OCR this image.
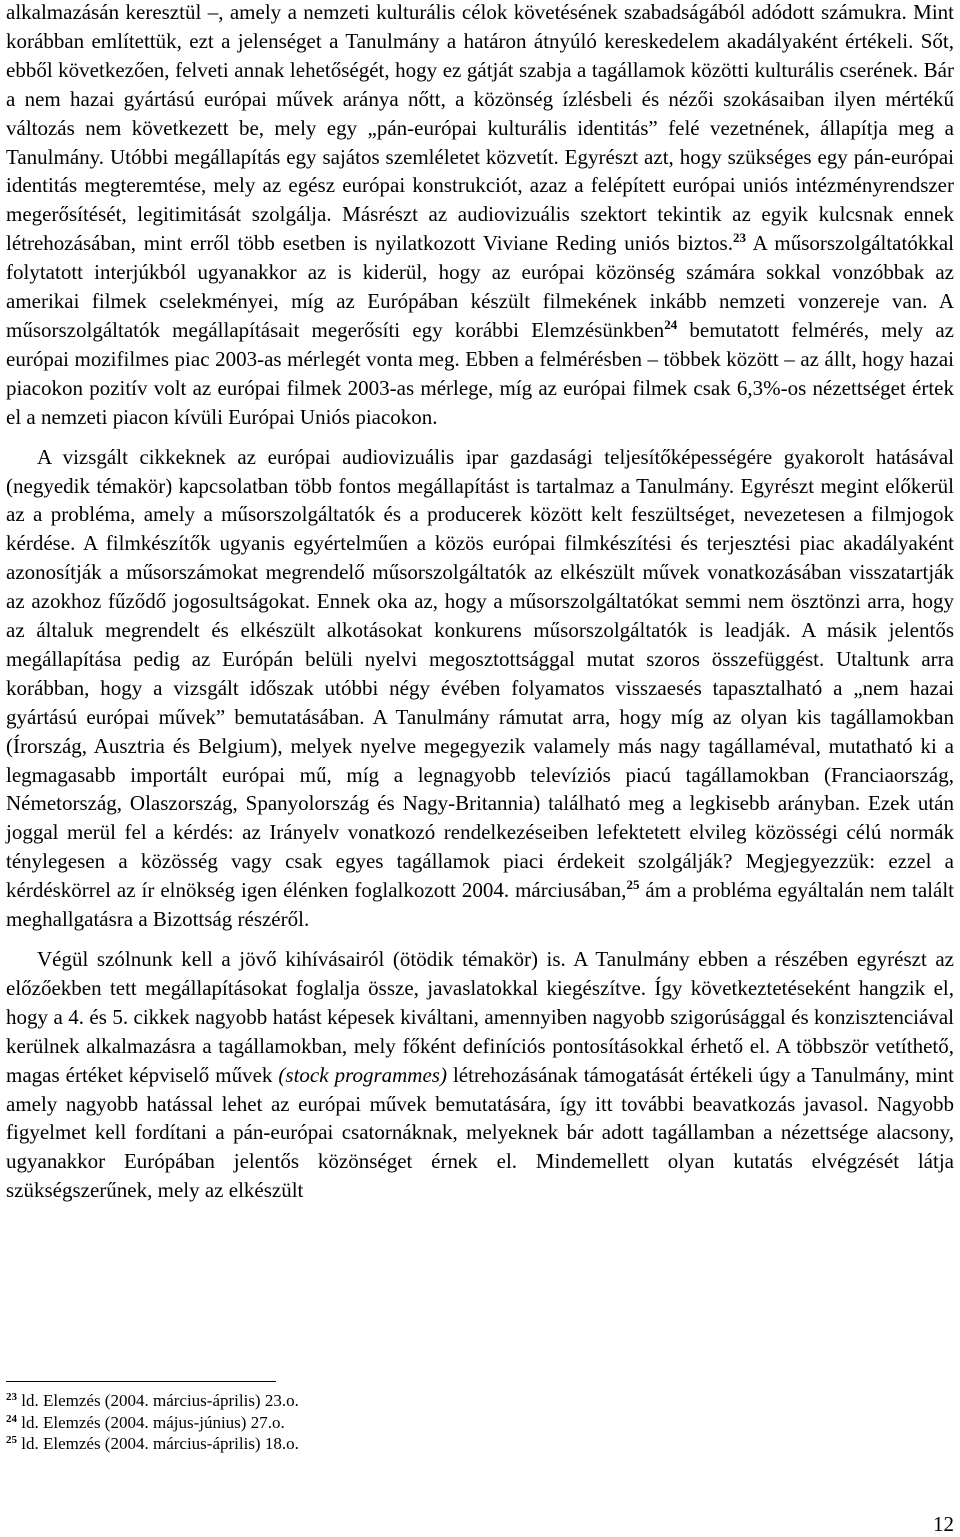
alkalmazásán keresztül –, amely a nemzeti kulturális célok követésének szabadságából adódott számukra. Mint korábban említettük, ezt a jelenséget a Tanulmány a határon átnyúló kereskedelem akadályaként értékeli. Sőt, ebből következően, felveti annak lehetőségét, hogy ez gátját szabja a tagállamok közötti kulturális cserének. Bár a nem hazai gyártású európai művek aránya nőtt, a közönség ízlésbeli és nézői szokásaiban ilyen mértékű változás nem következett be, mely egy „pán-európai kulturális identitás” felé vezetnének, állapítja meg a Tanulmány. Utóbbi megállapítás egy sajátos szemléletet közvetít. Egyrészt azt, hogy szükséges egy pán-európai identitás megteremtése, mely az egész európai konstrukciót, azaz a felépített európai uniós intézményrendszer megerősítését, legitimitását szolgálja. Másrészt az audiovizuális szektort tekintik az egyik kulcsnak ennek létrehozásában, mint erről több esetben is nyilatkozott Viviane Reding uniós biztos.$^{23}$ A műsorszolgáltatókkal folytatott interjúkból ugyanakkor az is kiderül, hogy az európai közönség számára sokkal vonzóbbak az amerikai filmek cselekményei, míg az Európában készült filmekének inkább nemzeti vonzereje van. A műsorszolgáltatók megállapításait megerősíti egy korábbi Elemzésünkben$^{24}$ bemutatott felmérés, mely az európai mozifilmes piac 2003-as mérlegét vonta meg. Ebben a felmérésben – többek között – az állt, hogy hazai piacokon pozitív volt az európai filmek 2003-as mérlege, míg az európai filmek csak 6,3%-os nézettséget értek el a nemzeti piacon kívüli Európai Uniós piacokon.

A vizsgált cikkeknek az európai audiovizuális ipar gazdasági teljesítőképességére gyakorolt hatásával (negyedik témakör) kapcsolatban több fontos megállapítást is tartalmaz a Tanulmány. Egyrészt megint előkerül az a probléma, amely a műsorszolgáltatók és a producerek között kelt feszültséget, nevezetesen a filmjogok kérdése. A filmkészítők ugyanis egyértelműen a közös európai filmkészítési és terjesztési piac akadályaként azonosítják a műsorszámokat megrendelő műsorszolgáltatók az elkészült művek vonatkozásában visszatartják az azokhoz fűződő jogosultságokat. Ennek oka az, hogy a műsorszolgáltatókat semmi nem ösztönzi arra, hogy az általuk megrendelt és elkészült alkotásokat konkurens műsorszolgáltatók is leadják. A másik jelentős megállapítása pedig az Európán belüli nyelvi megosztottsággal mutat szoros összefüggést. Utaltunk arra korábban, hogy a vizsgált időszak utóbbi négy évében folyamatos visszaesés tapasztalható a „nem hazai gyártású európai művek” bemutatásában. A Tanulmány rámutat arra, hogy míg az olyan kis tagállamokban (Írország, Ausztria és Belgium), melyek nyelve megegyezik valamely más nagy tagállaméval, mutatható ki a legmagasabb importált európai mű, míg a legnagyobb televíziós piacú tagállamokban (Franciaország, Németország, Olaszország, Spanyolország és Nagy-Britannia) található meg a legkisebb arányban. Ezek után joggal merül fel a kérdés: az Irányelv vonatkozó rendelkezéseiben lefektetett elvileg közösségi célú normák ténylegesen a közösség vagy csak egyes tagállamok piaci érdekeit szolgálják? Megjegyezzük: ezzel a kérdéskörrel az ír elnökség igen élénken foglalkozott 2004. márciusában,$^{25}$ ám a probléma egyáltalán nem talált meghallgatásra a Bizottság részéről.

Végül szólnunk kell a jövő kihívásairól (ötödik témakör) is. A Tanulmány ebben a részében egyrészt az előzőekben tett megállapításokat foglalja össze, javaslatokkal kiegészítve. Így következtetéseként hangzik el, hogy a 4. és 5. cikkek nagyobb hatást képesek kiváltani, amennyiben nagyobb szigorúsággal és konzisztenciával kerülnek alkalmazásra a tagállamokban, mely főként definíciós pontosításokkal érhető el. A többször vetíthető, magas értéket képviselő művek (stock programmes) létrehozásának támogatását értékeli úgy a Tanulmány, mint amely nagyobb hatással lehet az európai művek bemutatására, így itt további beavatkozás javasol. Nagyobb figyelmet kell fordítani a pán-európai csatornáknak, melyeknek bár adott tagállamban a nézettsége alacsony, ugyanakkor Európában jelentős közönséget érnek el. Mindemellett olyan kutatás elvégzését látja szükségszerűnek, mely az elkészült

$^{23}$ ld. Elemzés (2004. március-április) 23.o.
$^{24}$ ld. Elemzés (2004. május-június) 27.o.
$^{25}$ ld. Elemzés (2004. március-április) 18.o.
12
